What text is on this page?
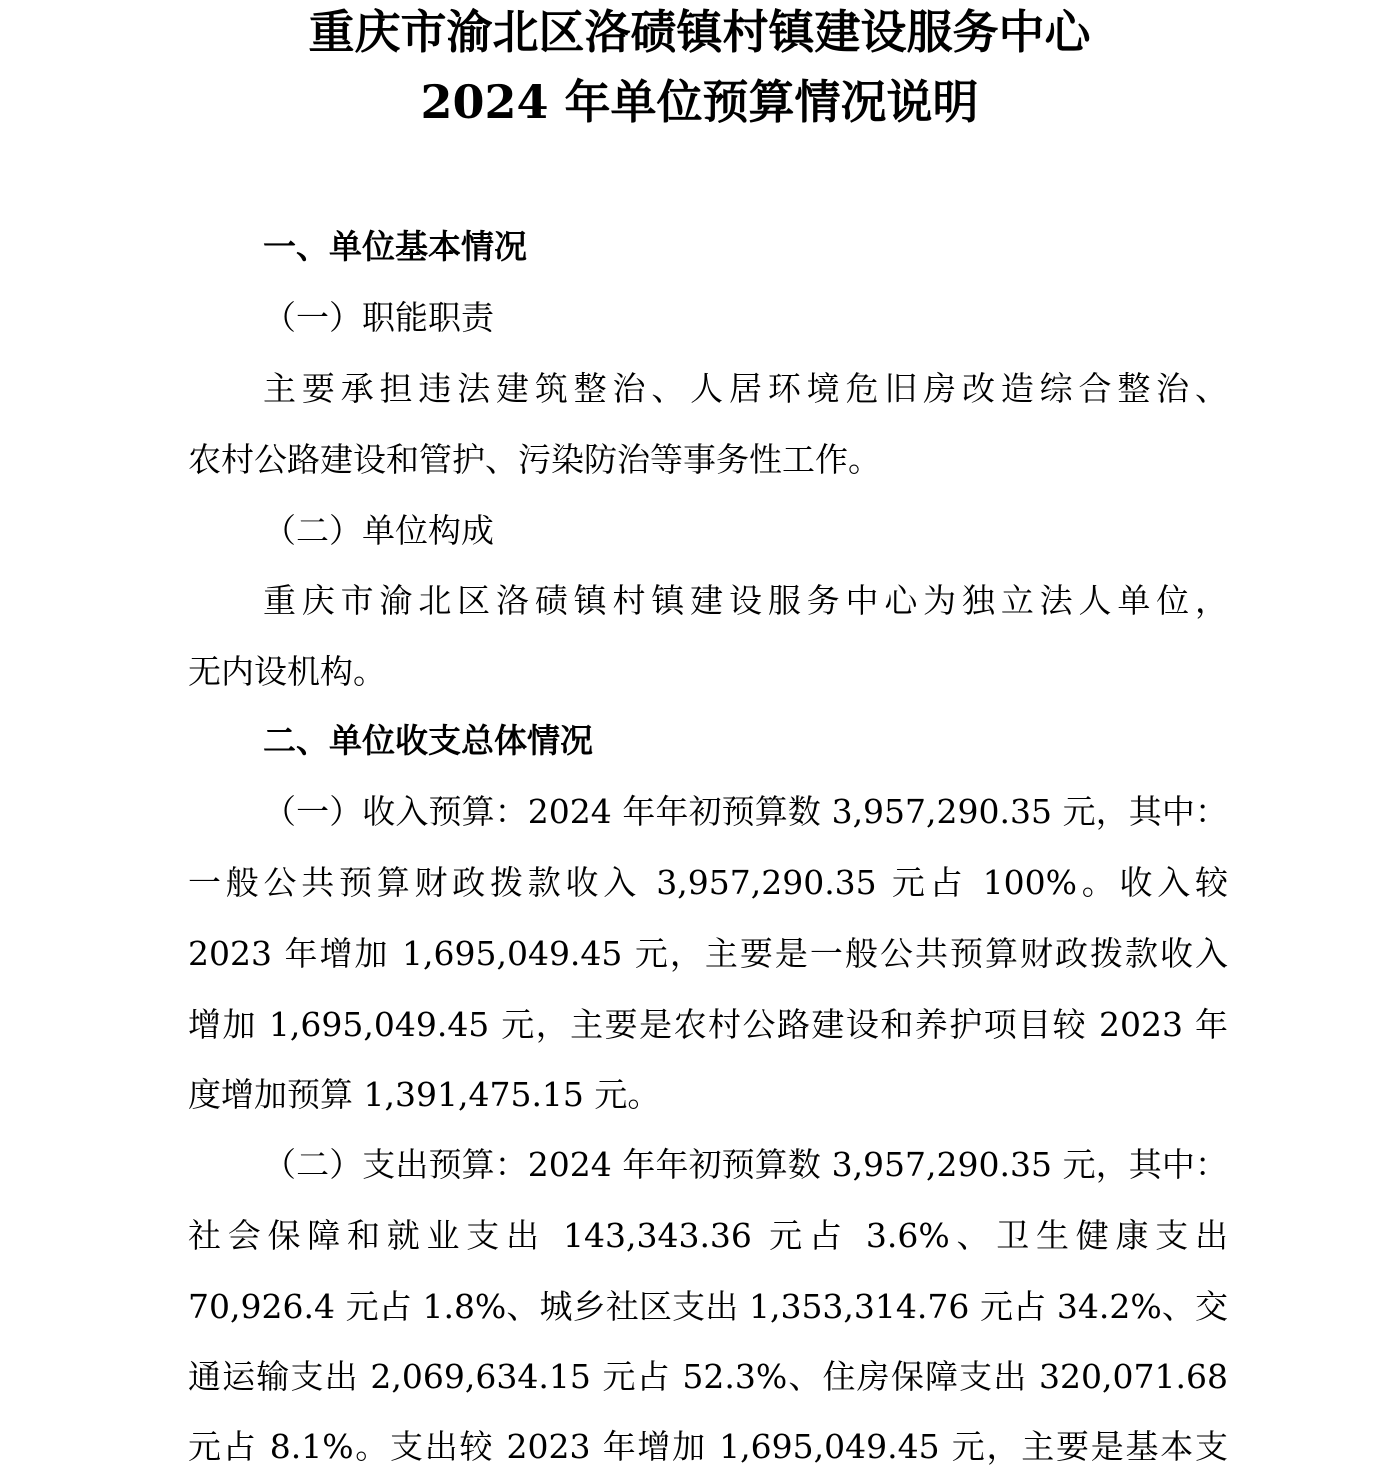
重庆市渝北区洛碛镇村镇建设服务中心
2024 年单位预算情况说明

一、单位基本情况

（一）职能职责

主要承担违法建筑整治、人居环境危旧房改造综合整治、

农村公路建设和管护、污染防治等事务性工作。

（二）单位构成

重庆市渝北区洛碛镇村镇建设服务中心为独立法人单位，

无内设机构。

二、单位收支总体情况

（一）收入预算：2024 年年初预算数 3,957,290.35 元，其中：

一般公共预算财政拨款收入 3,957,290.35 元占 100%。收入较

2023 年增加 1,695,049.45 元，主要是一般公共预算财政拨款收入

增加 1,695,049.45 元，主要是农村公路建设和养护项目较 2023 年

度增加预算 1,391,475.15 元。

（二）支出预算：2024 年年初预算数 3,957,290.35 元，其中：

社会保障和就业支出 143,343.36 元占 3.6%、卫生健康支出

70,926.4 元占 1.8%、城乡社区支出 1,353,314.76 元占 34.2%、交

通运输支出 2,069,634.15 元占 52.3%、住房保障支出 320,071.68

元占 8.1%。支出较 2023 年增加 1,695,049.45 元，主要是基本支
